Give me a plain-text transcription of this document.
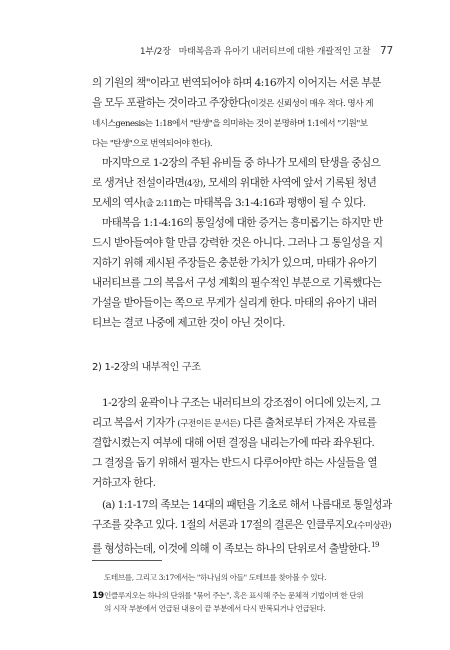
1부/2장 마태복음과 유아기 내러티브에 대한 개괄적인 고찰 77
의 기원의 책"이라고 번역되어야 하며 4:16까지 이어지는 서론 부분
을 모두 포괄하는 것이라고 주장한다(이것은 신뢰성이 매우 적다. 명사 게
네시스genesis는 1:18에서 "탄생"을 의미하는 것이 분명하며 1:1에서 "기원"보
다는 "탄생"으로 번역되어야 한다).
마지막으로 1-2장의 주된 유비들 중 하나가 모세의 탄생을 중심으
로 생겨난 전설이라면(4장), 모세의 위대한 사역에 앞서 기록된 청년
모세의 역사(출 2:11ff)는 마태복음 3:1-4:16과 평행이 될 수 있다.
마태복음 1:1-4:16의 통일성에 대한 증거는 흥미롭기는 하지만 반
드시 받아들여야 할 만큼 강력한 것은 아니다. 그러나 그 통일성을 지
지하기 위해 제시된 주장들은 충분한 가치가 있으며, 마태가 유아기
내러티브를 그의 복음서 구성 계획의 필수적인 부분으로 기록했다는
가설을 받아들이는 쪽으로 무게가 실리게 한다. 마태의 유아기 내러
티브는 결코 나중에 제고한 것이 아닌 것이다.
2) 1-2장의 내부적인 구조
1-2장의 윤곽이나 구조는 내러티브의 강조점이 어디에 있는지, 그
리고 복음서 기자가 (구전이든 문서든) 다른 출처로부터 가져온 자료를
결합시켰는지 여부에 대해 어떤 결정을 내리는가에 따라 좌우된다.
그 결정을 돕기 위해서 필자는 반드시 다루어야만 하는 사실들을 열
거하고자 한다.
(a) 1:1-17의 족보는 14대의 패턴을 기초로 해서 나름대로 통일성과
구조를 갖추고 있다. 1절의 서론과 17절의 결론은 인클루지오(수미상관)
를 형성하는데, 이것에 의해 이 족보는 하나의 단위로서 출발한다.$^{19}$
도테브를, 그리고 3:17에서는 "하나님의 아들" 도테브를 찾아볼 수 있다.
19 인클루지오는 하나의 단위를 "묶어 주는", 혹은 표시해 주는 문체적 기법이며 한 단위
의 시작 부분에서 언급된 내용이 끝 부분에서 다시 반복되거나 언급된다.
